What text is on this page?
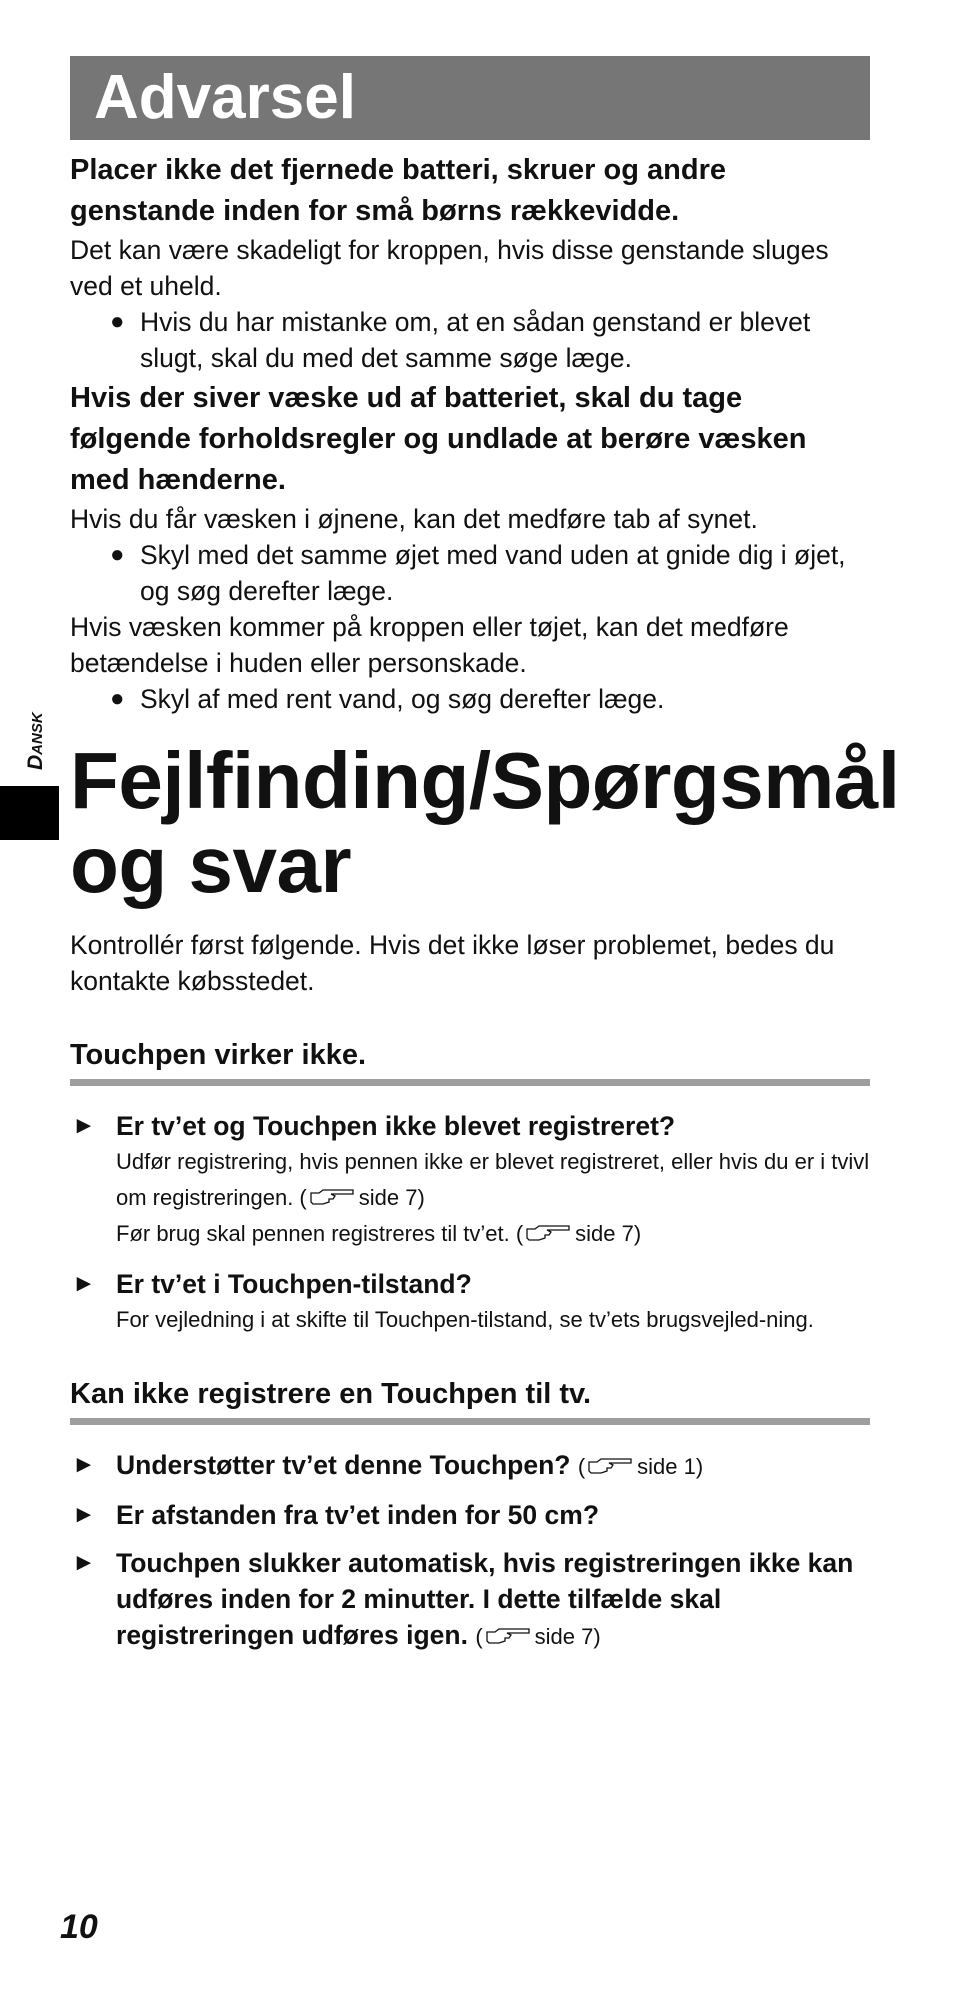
Advarsel

Placer ikke det fjernede batteri, skruer og andre genstande inden for små børns rækkevidde.

Det kan være skadeligt for kroppen, hvis disse genstande sluges ved et uheld.

● Hvis du har mistanke om, at en sådan genstand er blevet slugt, skal du med det samme søge læge.

Hvis der siver væske ud af batteriet, skal du tage følgende forholdsregler og undlade at berøre væsken med hænderne.

Hvis du får væsken i øjnene, kan det medføre tab af synet.

● Skyl med det samme øjet med vand uden at gnide dig i øjet, og søg derefter læge.

Hvis væsken kommer på kroppen eller tøjet, kan det medføre betændelse i huden eller personskade.

● Skyl af med rent vand, og søg derefter læge.

Fejlfinding/Spørgsmål og svar

Kontrollér først følgende. Hvis det ikke løser problemet, bedes du kontakte købsstedet.

Touchpen virker ikke.
► Er tv’et og Touchpen ikke blevet registreret?
Udfør registrering, hvis pennen ikke er blevet registreret, eller hvis du er i tvivl om registreringen. ( side 7)
Før brug skal pennen registreres til tv’et. ( side 7)
► Er tv’et i Touchpen-tilstand?
For vejledning i at skifte til Touchpen-tilstand, se tv’ets brugsvejled-ning.
Kan ikke registrere en Touchpen til tv.
► Understøtter tv’et denne Touchpen? ( side 1)
► Er afstanden fra tv’et inden for 50 cm?
► Touchpen slukker automatisk, hvis registreringen ikke kan udføres inden for 2 minutter. I dette tilfælde skal registreringen udføres igen. ( side 7)
Dansk
10
